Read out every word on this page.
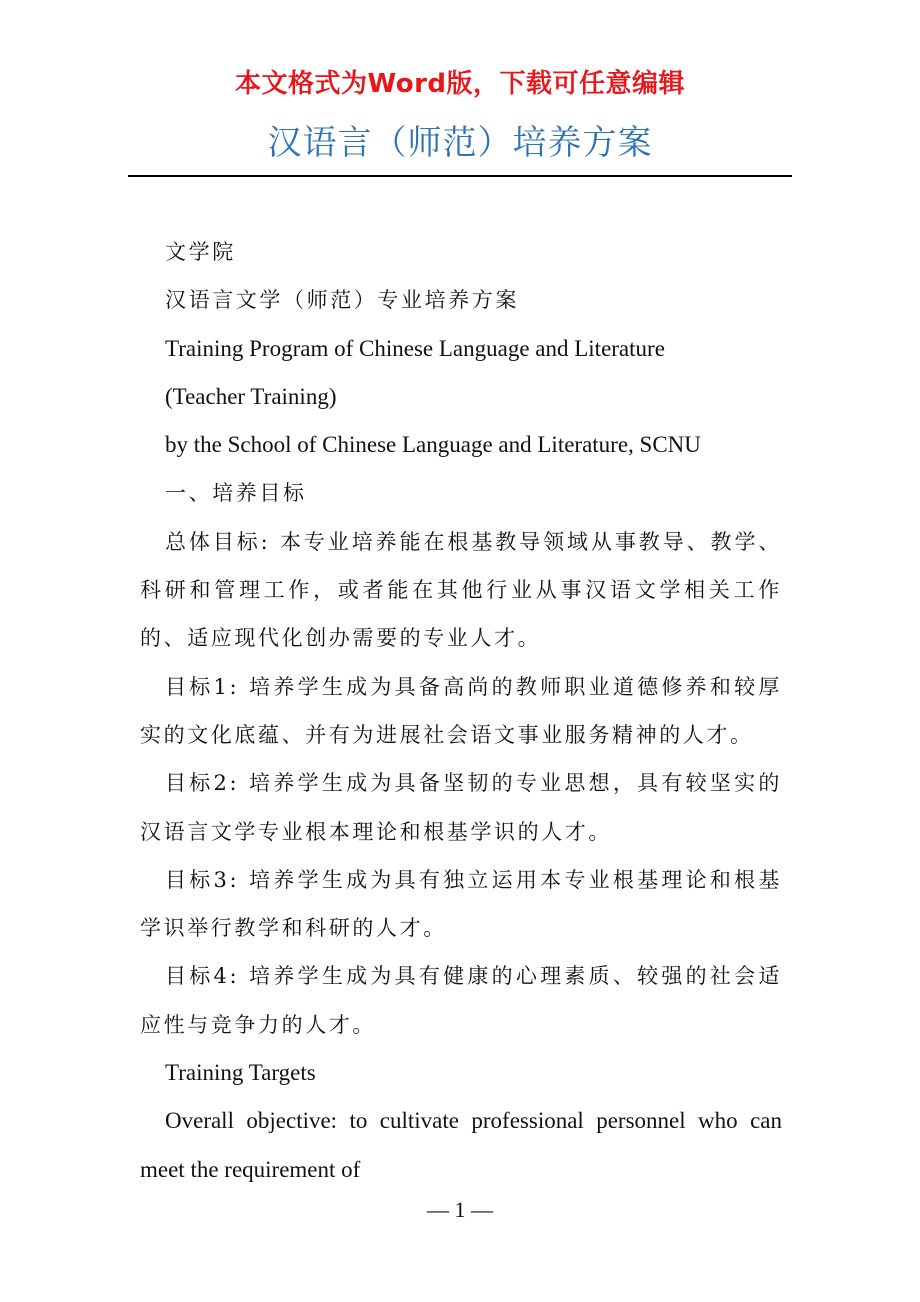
本文格式为Word版，下载可任意编辑
汉语言（师范）培养方案

文学院

汉语言文学（师范）专业培养方案

Training Program of Chinese Language and Literature

(Teacher Training)

by the School of Chinese Language and Literature, SCNU

一、培养目标

总体目标: 本专业培养能在根基教导领域从事教导、教学、科研和管理工作，或者能在其他行业从事汉语文学相关工作的、适应现代化创办需要的专业人才。

目标1: 培养学生成为具备高尚的教师职业道德修养和较厚实的文化底蕴、并有为进展社会语文事业服务精神的人才。

目标2: 培养学生成为具备坚韧的专业思想，具有较坚实的汉语言文学专业根本理论和根基学识的人才。

目标3: 培养学生成为具有独立运用本专业根基理论和根基学识举行教学和科研的人才。

目标4: 培养学生成为具有健康的心理素质、较强的社会适应性与竞争力的人才。

Training Targets

Overall objective: to cultivate professional personnel who can meet the requirement of

— 1 —
